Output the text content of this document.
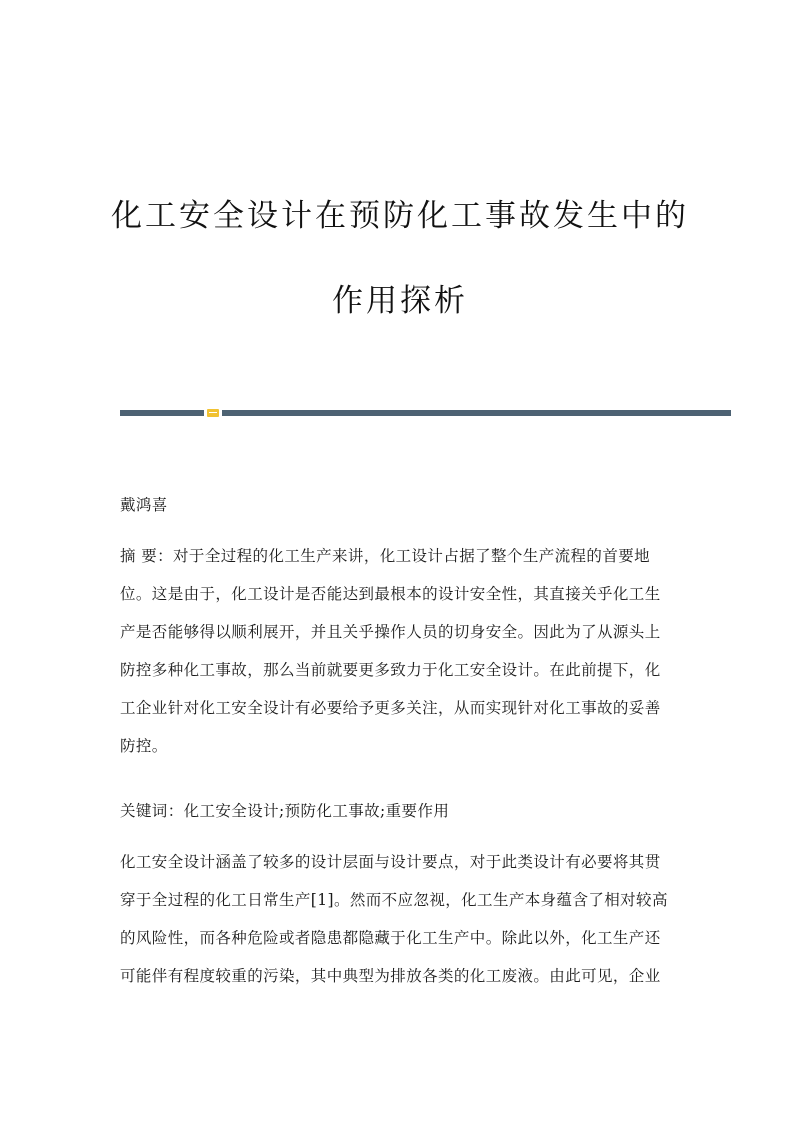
化工安全设计在预防化工事故发生中的
作用探析
戴鸿喜
摘 要：对于全过程的化工生产来讲，化工设计占据了整个生产流程的首要地
位。这是由于，化工设计是否能达到最根本的设计安全性，其直接关乎化工生
产是否能够得以顺利展开，并且关乎操作人员的切身安全。因此为了从源头上
防控多种化工事故，那么当前就要更多致力于化工安全设计。在此前提下，化
工企业针对化工安全设计有必要给予更多关注，从而实现针对化工事故的妥善
防控。
关键词：化工安全设计;预防化工事故;重要作用
化工安全设计涵盖了较多的设计层面与设计要点，对于此类设计有必要将其贯
穿于全过程的化工日常生产[1]。然而不应忽视，化工生产本身蕴含了相对较高
的风险性，而各种危险或者隐患都隐藏于化工生产中。除此以外，化工生产还
可能伴有程度较重的污染，其中典型为排放各类的化工废液。由此可见，企业
